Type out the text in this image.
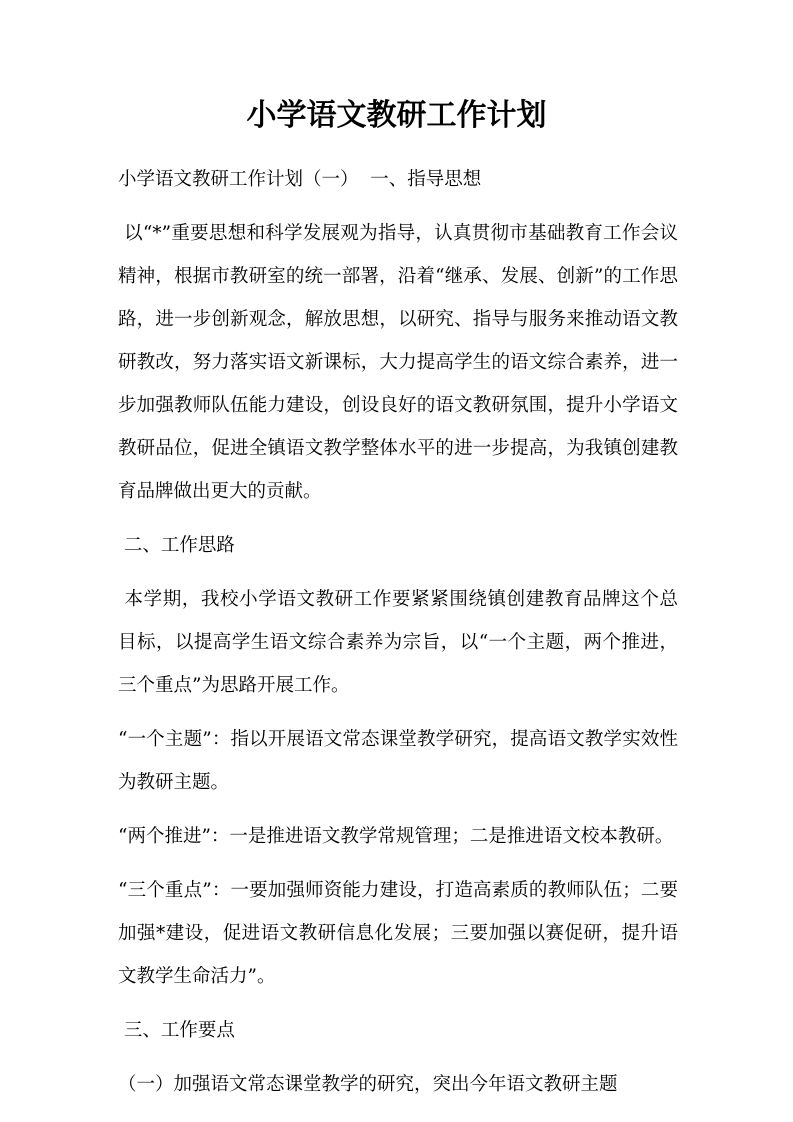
小学语文教研工作计划

小学语文教研工作计划（一）  一、指导思想

以“*”重要思想和科学发展观为指导，认真贯彻市基础教育工作会议精神，根据市教研室的统一部署，沿着“继承、发展、创新”的工作思路，进一步创新观念，解放思想，以研究、指导与服务来推动语文教研教改，努力落实语文新课标，大力提高学生的语文综合素养，进一步加强教师队伍能力建设，创设良好的语文教研氛围，提升小学语文教研品位，促进全镇语文教学整体水平的进一步提高，为我镇创建教育品牌做出更大的贡献。

二、工作思路

本学期，我校小学语文教研工作要紧紧围绕镇创建教育品牌这个总目标，以提高学生语文综合素养为宗旨，以“一个主题，两个推进，三个重点”为思路开展工作。

“一个主题”：指以开展语文常态课堂教学研究，提高语文教学实效性为教研主题。

“两个推进”：一是推进语文教学常规管理；二是推进语文校本教研。

“三个重点”：一要加强师资能力建设，打造高素质的教师队伍；二要加强*建设，促进语文教研信息化发展；三要加强以赛促研，提升语文教学生命活力”。

三、工作要点

（一）加强语文常态课堂教学的研究，突出今年语文教研主题
